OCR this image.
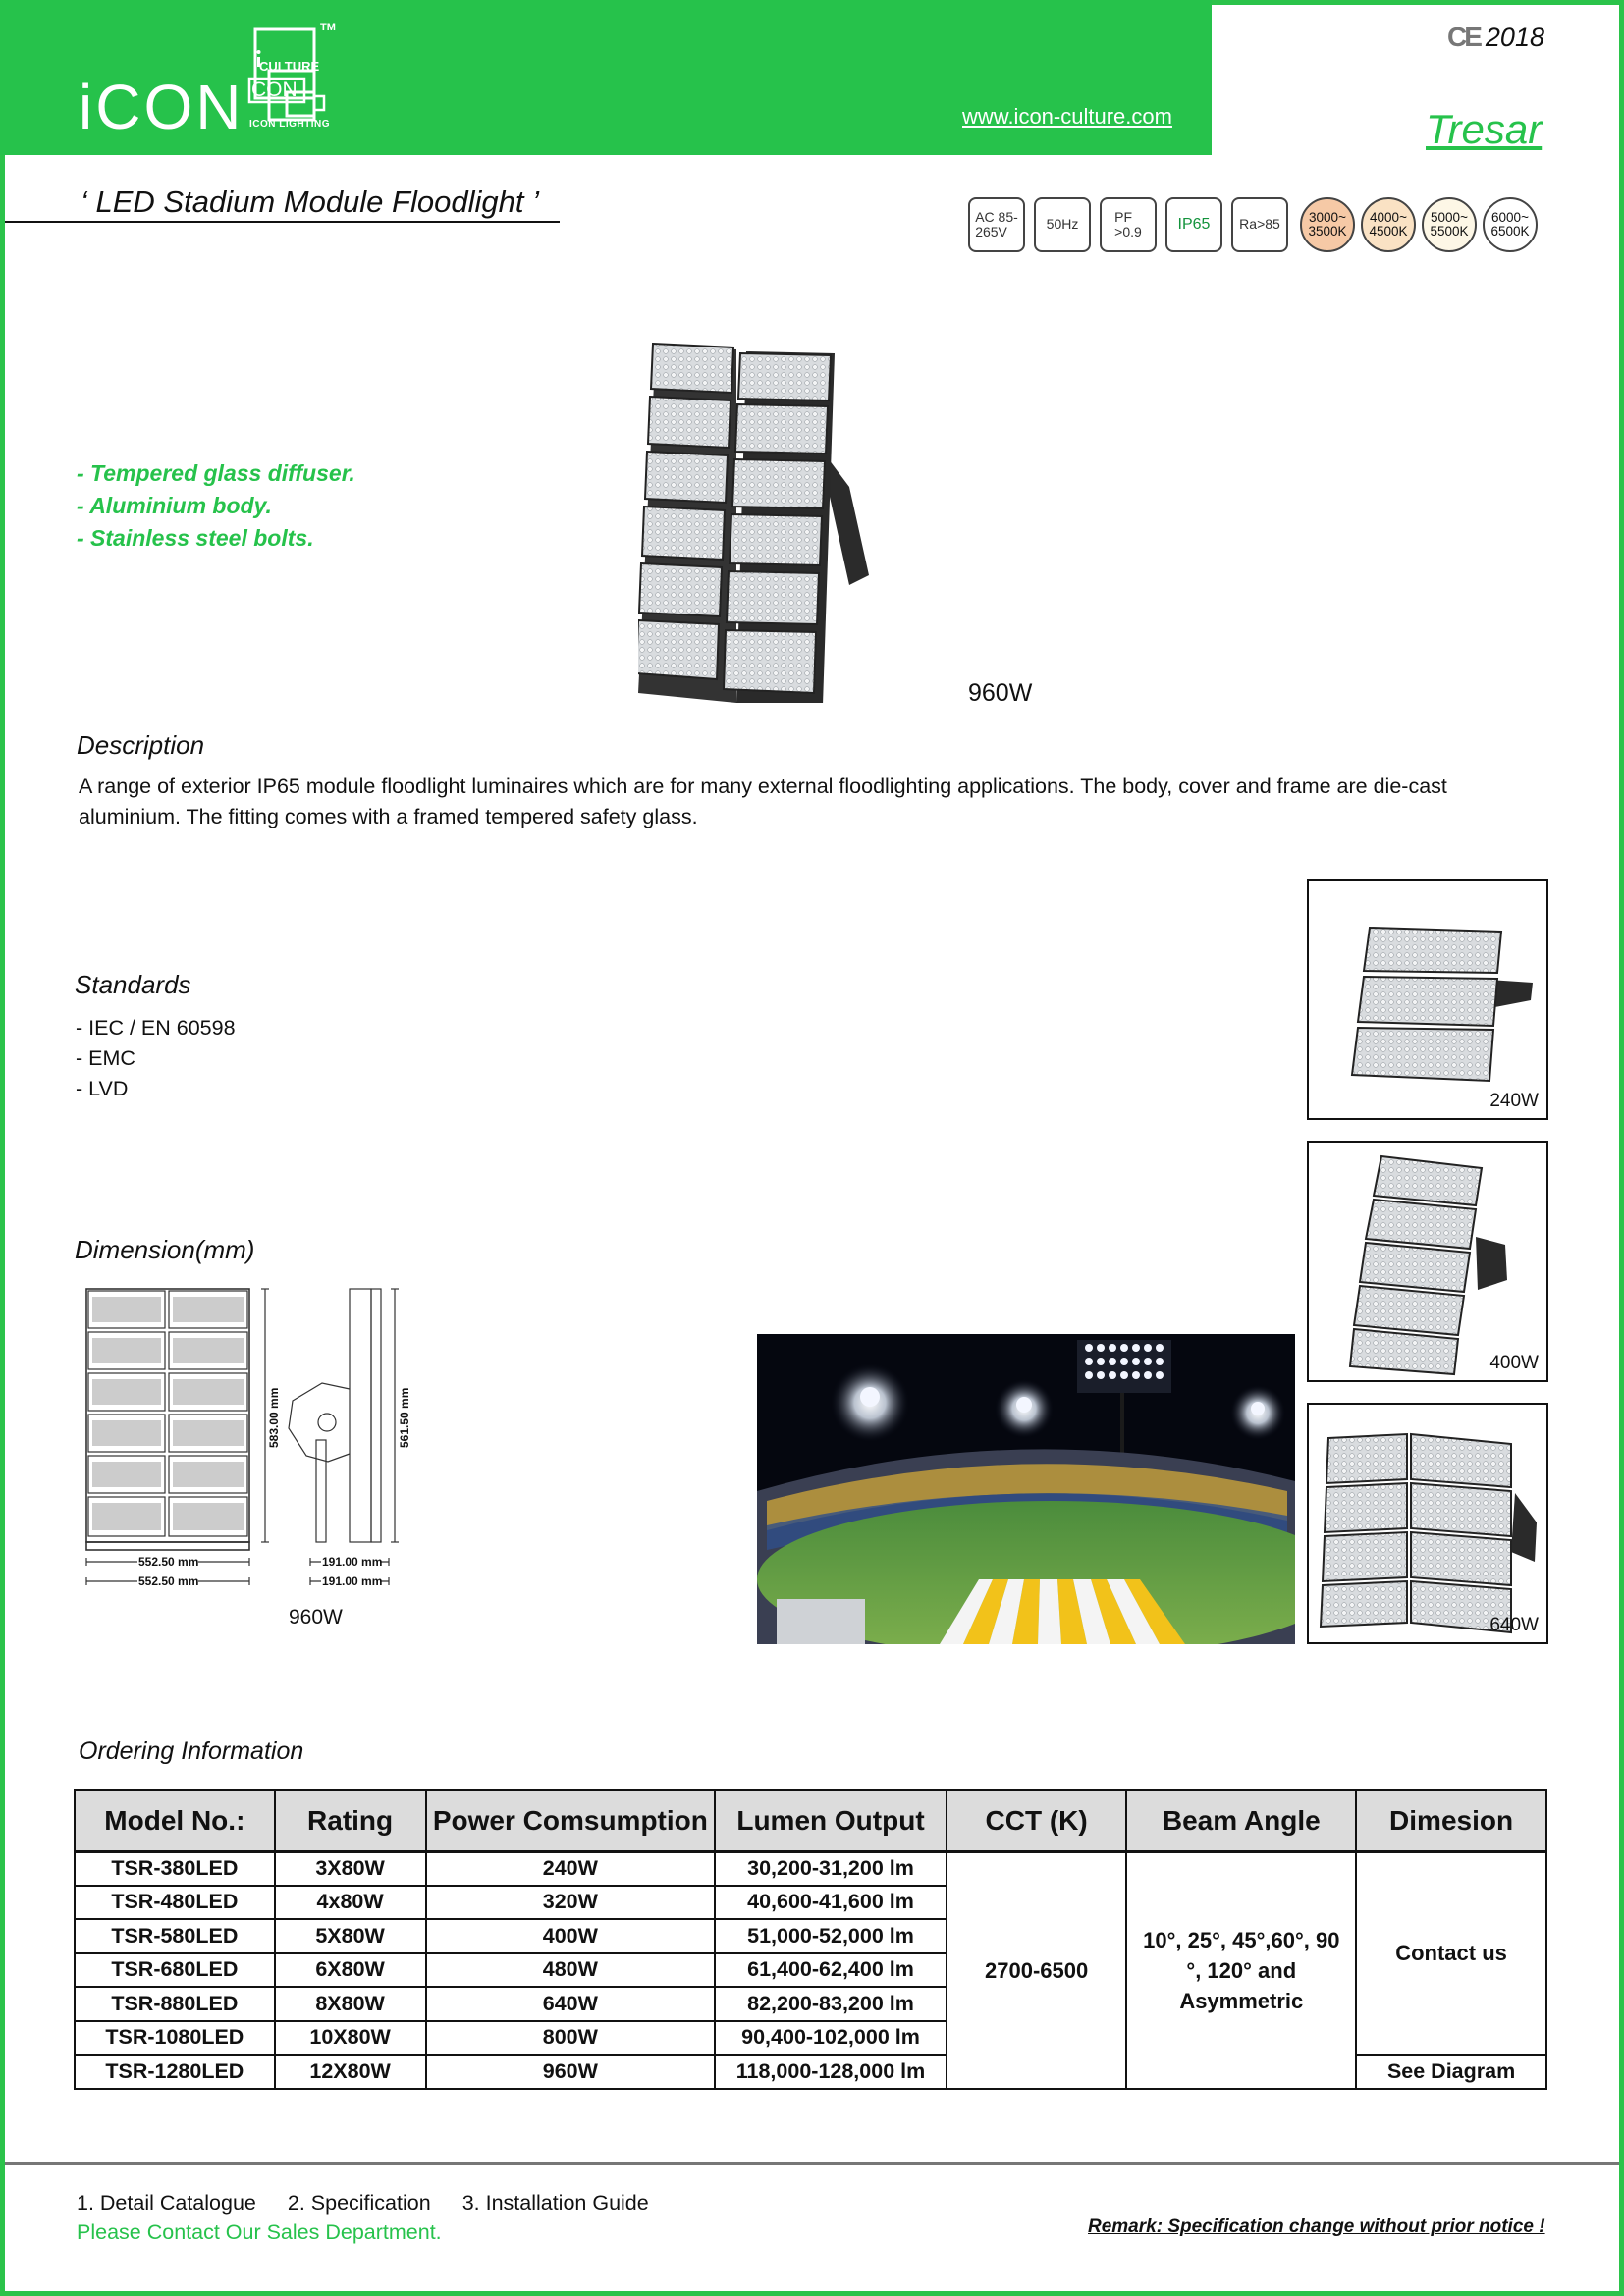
iCON
CULTURE
CON
TM
ICON LIGHTING	www.icon-culture.com
CE 2018
Tresar
‘ LED Stadium Module Floodlight ’	AC 85-
265V	50Hz	PF
>0.9 IP65 Ra>85 3000~
3500K
4000~
4500K
5000~
5500K
6000~
6500K
- Tempered glass diffuser.
- Aluminium body.
- Stainless steel bolts.
960W
Description
A range of exterior IP65 module floodlight luminaires which are for many external floodlighting applications. The body, cover and frame are die-cast aluminium. The fitting comes with a framed tempered safety glass.
Standards
- IEC / EN 60598
- EMC
- LVD
240W
400W
640W
Dimension(mm)
552.50 mm
552.50 mm
191.00 mm
191.00 mm
583.00 mm	561.50 mm
960W
Ordering Information
Model No.:	Rating	Power Comsumption	Lumen Output	CCT (K)	Beam Angle	Dimesion
TSR-380LED	3X80W	240W	30,200-31,200 lm	2700-6500	10°, 25°, 45°,60°, 90
°, 120° and
Asymmetric	Contact us
TSR-480LED	4x80W	320W	40,600-41,600 lm			
TSR-580LED	5X80W	400W	51,000-52,000 lm			
TSR-680LED	6X80W	480W	61,400-62,400 lm			
TSR-880LED	8X80W	640W	82,200-83,200 lm			
TSR-1080LED	10X80W	800W	90,400-102,000 lm			
TSR-1280LED	12X80W	960W	118,000-128,000 lm			See Diagram
1. Detail Catalogue 2. Specification 3. Installation Guide
Please Contact Our Sales Department.	Remark: Specification change without prior notice !
